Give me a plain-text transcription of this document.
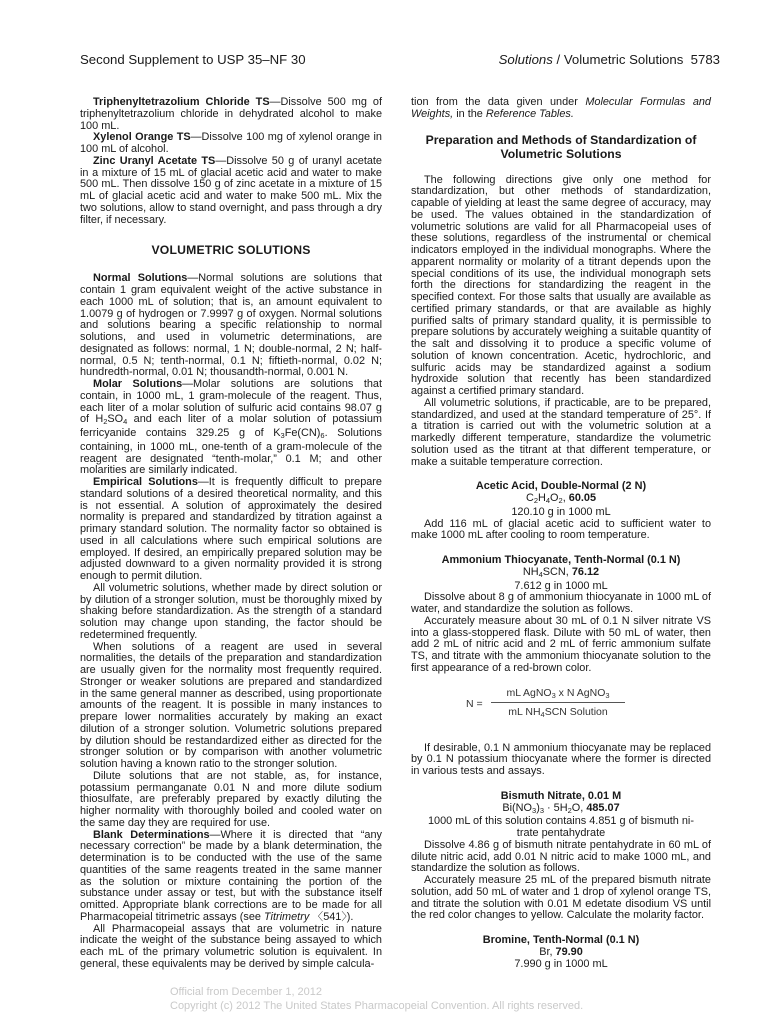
Second Supplement to USP 35–NF 30	Solutions / Volumetric Solutions 5783

Triphenyltetrazolium Chloride TS—Dissolve 500 mg of triphenyltetrazolium chloride in dehydrated alcohol to make 100 mL.

Xylenol Orange TS—Dissolve 100 mg of xylenol orange in 100 mL of alcohol.

Zinc Uranyl Acetate TS—Dissolve 50 g of uranyl acetate in a mixture of 15 mL of glacial acetic acid and water to make 500 mL. Then dissolve 150 g of zinc acetate in a mixture of 15 mL of glacial acetic acid and water to make 500 mL. Mix the two solutions, allow to stand overnight, and pass through a dry filter, if necessary.

VOLUMETRIC SOLUTIONS

Normal Solutions—Normal solutions are solutions that contain 1 gram equivalent weight of the active substance in each 1000 mL of solution; that is, an amount equivalent to 1.0079 g of hydrogen or 7.9997 g of oxygen. Normal solutions and solutions bearing a specific relationship to normal solutions, and used in volumetric determinations, are designated as follows: normal, 1 N; double-normal, 2 N; half-normal, 0.5 N; tenth-normal, 0.1 N; fiftieth-normal, 0.02 N; hundredth-normal, 0.01 N; thousandth-normal, 0.001 N.

Molar Solutions—Molar solutions are solutions that contain, in 1000 mL, 1 gram-molecule of the reagent. Thus, each liter of a molar solution of sulfuric acid contains 98.07 g of $H_2SO_4$ and each liter of a molar solution of potassium ferricyanide contains 329.25 g of $K_3Fe(CN)_6$. Solutions containing, in 1000 mL, one-tenth of a gram-molecule of the reagent are designated “tenth-molar,” 0.1 M; and other molarities are similarly indicated.

Empirical Solutions—It is frequently difficult to prepare standard solutions of a desired theoretical normality, and this is not essential. A solution of approximately the desired normality is prepared and standardized by titration against a primary standard solution. The normality factor so obtained is used in all calculations where such empirical solutions are employed. If desired, an empirically prepared solution may be adjusted downward to a given normality provided it is strong enough to permit dilution.

All volumetric solutions, whether made by direct solution or by dilution of a stronger solution, must be thoroughly mixed by shaking before standardization. As the strength of a standard solution may change upon standing, the factor should be redetermined frequently.

When solutions of a reagent are used in several normalities, the details of the preparation and standardization are usually given for the normality most frequently required. Stronger or weaker solutions are prepared and standardized in the same general manner as described, using proportionate amounts of the reagent. It is possible in many instances to prepare lower normalities accurately by making an exact dilution of a stronger solution. Volumetric solutions prepared by dilution should be restandardized either as directed for the stronger solution or by comparison with another volumetric solution having a known ratio to the stronger solution.

Dilute solutions that are not stable, as, for instance, potassium permanganate 0.01 N and more dilute sodium thiosulfate, are preferably prepared by exactly diluting the higher normality with thoroughly boiled and cooled water on the same day they are required for use.

Blank Determinations—Where it is directed that “any necessary correction” be made by a blank determination, the determination is to be conducted with the use of the same quantities of the same reagents treated in the same manner as the solution or mixture containing the portion of the substance under assay or test, but with the substance itself omitted. Appropriate blank corrections are to be made for all Pharmacopeial titrimetric assays (see Titrimetry 〈541〉).

All Pharmacopeial assays that are volumetric in nature indicate the weight of the substance being assayed to which each mL of the primary volumetric solution is equivalent. In general, these equivalents may be derived by simple calcula-

tion from the data given under Molecular Formulas and Weights, in the Reference Tables.

Preparation and Methods of Standardization of Volumetric Solutions

The following directions give only one method for standardization, but other methods of standardization, capable of yielding at least the same degree of accuracy, may be used. The values obtained in the standardization of volumetric solutions are valid for all Pharmacopeial uses of these solutions, regardless of the instrumental or chemical indicators employed in the individual monographs. Where the apparent normality or molarity of a titrant depends upon the special conditions of its use, the individual monograph sets forth the directions for standardizing the reagent in the specified context. For those salts that usually are available as certified primary standards, or that are available as highly purified salts of primary standard quality, it is permissible to prepare solutions by accurately weighing a suitable quantity of the salt and dissolving it to produce a specific volume of solution of known concentration. Acetic, hydrochloric, and sulfuric acids may be standardized against a sodium hydroxide solution that recently has been standardized against a certified primary standard.

All volumetric solutions, if practicable, are to be prepared, standardized, and used at the standard temperature of 25°. If a titration is carried out with the volumetric solution at a markedly different temperature, standardize the volumetric solution used as the titrant at that different temperature, or make a suitable temperature correction.

Acetic Acid, Double-Normal (2 N)
$C_2H_4O_2$, 60.05
120.10 g in 1000 mL

Add 116 mL of glacial acetic acid to sufficient water to make 1000 mL after cooling to room temperature.

Ammonium Thiocyanate, Tenth-Normal (0.1 N)
$NH_4SCN$, 76.12
7.612 g in 1000 mL

Dissolve about 8 g of ammonium thiocyanate in 1000 mL of water, and standardize the solution as follows.

Accurately measure about 30 mL of 0.1 N silver nitrate VS into a glass-stoppered flask. Dilute with 50 mL of water, then add 2 mL of nitric acid and 2 mL of ferric ammonium sulfate TS, and titrate with the ammonium thiocyanate solution to the first appearance of a red-brown color.

N =
mL AgNO$_3$ x N AgNO$_3$
mL $NH_4SCN$ Solution

If desirable, 0.1 N ammonium thiocyanate may be replaced by 0.1 N potassium thiocyanate where the former is directed in various tests and assays.

Bismuth Nitrate, 0.01 M
$Bi(NO_3)_3 \cdot 5H_2O$, 485.07
1000 mL of this solution contains 4.851 g of bismuth ni-
trate pentahydrate

Dissolve 4.86 g of bismuth nitrate pentahydrate in 60 mL of dilute nitric acid, add 0.01 N nitric acid to make 1000 mL, and standardize the solution as follows.

Accurately measure 25 mL of the prepared bismuth nitrate solution, add 50 mL of water and 1 drop of xylenol orange TS, and titrate the solution with 0.01 M edetate disodium VS until the red color changes to yellow. Calculate the molarity factor.

Bromine, Tenth-Normal (0.1 N)
Br, 79.90
7.990 g in 1000 mL
Official from December 1, 2012
Copyright (c) 2012 The United States Pharmacopeial Convention. All rights reserved.
